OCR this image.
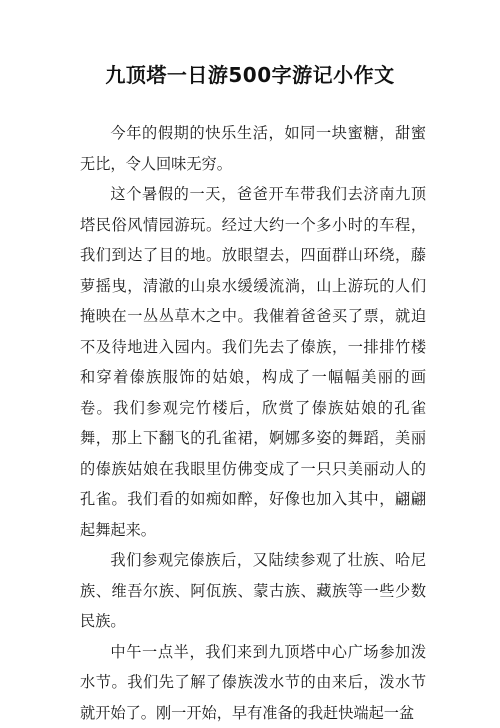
九顶塔一日游500字游记小作文

今年的假期的快乐生活，如同一块蜜糖，甜蜜无比，令人回味无穷。

这个暑假的一天，爸爸开车带我们去济南九顶塔民俗风情园游玩。经过大约一个多小时的车程，我们到达了目的地。放眼望去，四面群山环绕，藤萝摇曳，清澈的山泉水缓缓流淌，山上游玩的人们掩映在一丛丛草木之中。我催着爸爸买了票，就迫不及待地进入园内。我们先去了傣族，一排排竹楼和穿着傣族服饰的姑娘，构成了一幅幅美丽的画卷。我们参观完竹楼后，欣赏了傣族姑娘的孔雀舞，那上下翻飞的孔雀裙，婀娜多姿的舞蹈，美丽的傣族姑娘在我眼里仿佛变成了一只只美丽动人的孔雀。我们看的如痴如醉，好像也加入其中，翩翩起舞起来。

我们参观完傣族后，又陆续参观了壮族、哈尼族、维吾尔族、阿佤族、蒙古族、藏族等一些少数民族。

中午一点半，我们来到九顶塔中心广场参加泼水节。我们先了解了傣族泼水节的由来后，泼水节就开始了。刚一开始，早有准备的我赶快端起一盆
